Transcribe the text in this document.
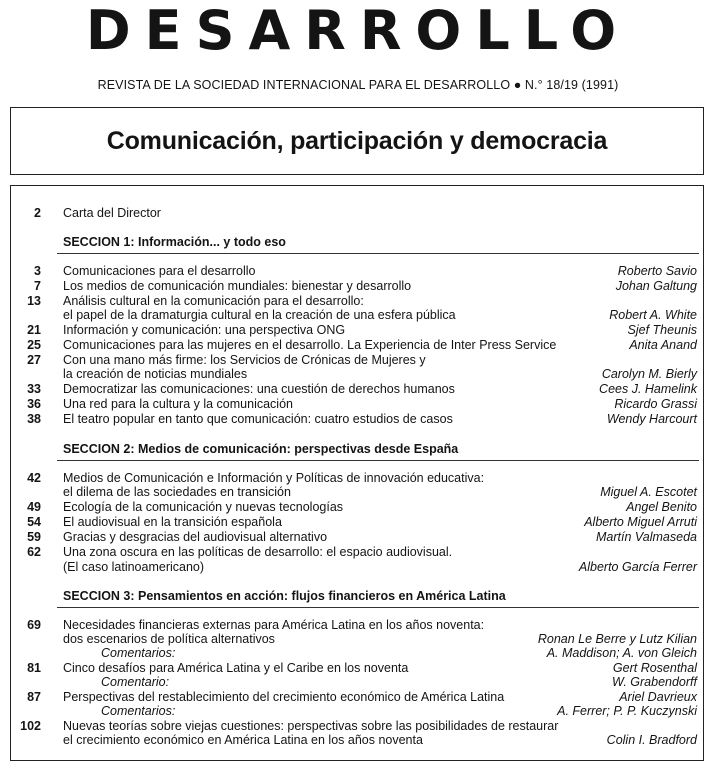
DESARROLLO
REVISTA DE LA SOCIEDAD INTERNACIONAL PARA EL DESARROLLO ● N.° 18/19 (1991)
Comunicación, participación y democracia
2 Carta del Director
SECCION 1: Información... y todo eso
3 Comunicaciones para el desarrollo	Roberto Savio
7 Los medios de comunicación mundiales: bienestar y desarrollo	Johan Galtung
13 Análisis cultural en la comunicación para el desarrollo:
el papel de la dramaturgia cultural en la creación de una esfera pública	Robert A. White
21 Información y comunicación: una perspectiva ONG	Sjef Theunis
25 Comunicaciones para las mujeres en el desarrollo. La Experiencia de Inter Press Service	Anita Anand
27 Con una mano más firme: los Servicios de Crónicas de Mujeres y
la creación de noticias mundiales	Carolyn M. Bierly
33 Democratizar las comunicaciones: una cuestión de derechos humanos	Cees J. Hamelink
36 Una red para la cultura y la comunicación	Ricardo Grassi
38 El teatro popular en tanto que comunicación: cuatro estudios de casos	Wendy Harcourt
SECCION 2: Medios de comunicación: perspectivas desde España
42 Medios de Comunicación e Información y Políticas de innovación educativa:
el dilema de las sociedades en transición	Miguel A. Escotet
49 Ecología de la comunicación y nuevas tecnologías	Angel Benito
54 El audiovisual en la transición española	Alberto Miguel Arruti
59 Gracias y desgracias del audiovisual alternativo	Martín Valmaseda
62 Una zona oscura en las políticas de desarrollo: el espacio audiovisual.
(El caso latinoamericano)	Alberto García Ferrer
SECCION 3: Pensamientos en acción: flujos financieros en América Latina
69 Necesidades financieras externas para América Latina en los años noventa:
dos escenarios de política alternativos	Ronan Le Berre y Lutz Kilian
Comentarios:	A. Maddison; A. von Gleich
81 Cinco desafíos para América Latina y el Caribe en los noventa	Gert Rosenthal
Comentario:	W. Grabendorff
87 Perspectivas del restablecimiento del crecimiento económico de América Latina	Ariel Davrieux
Comentarios:	A. Ferrer; P. P. Kuczynski
102 Nuevas teorías sobre viejas cuestiones: perspectivas sobre las posibilidades de restaurar
el crecimiento económico en América Latina en los años noventa	Colin I. Bradford
